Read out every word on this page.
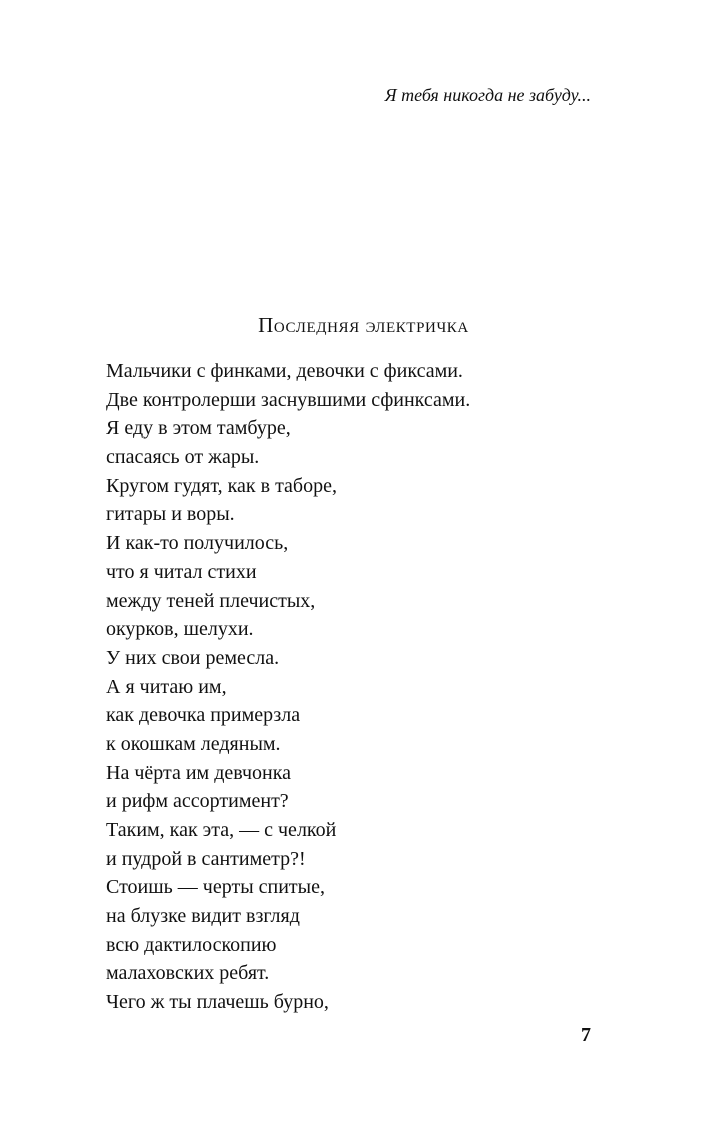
Я тебя никогда не забуду...
Последняя электричка
Мальчики с финками, девочки с фиксами.
Две контролерши заснувшими сфинксами.
Я еду в этом тамбуре,
спасаясь от жары.
Кругом гудят, как в таборе,
гитары и воры.
И как-то получилось,
что я читал стихи
между теней плечистых,
окурков, шелухи.
У них свои ремесла.
А я читаю им,
как девочка примерзла
к окошкам ледяным.
На чёрта им девчонка
и рифм ассортимент?
Таким, как эта, — с челкой
и пудрой в сантиметр?!
Стоишь — черты спитые,
на блузке видит взгляд
всю дактилоскопию
малаховских ребят.
Чего ж ты плачешь бурно,
7
